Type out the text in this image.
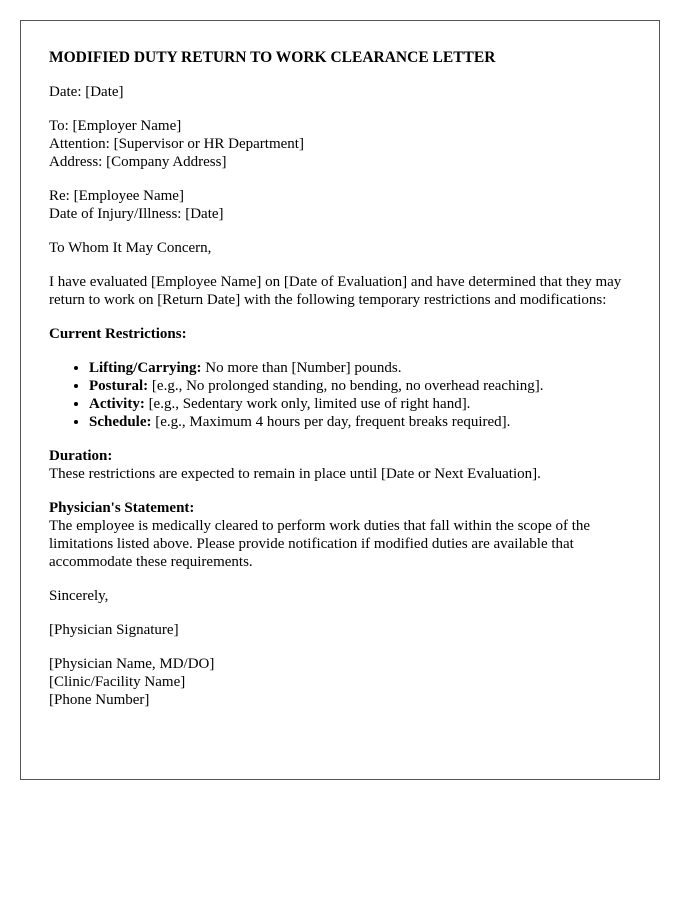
MODIFIED DUTY RETURN TO WORK CLEARANCE LETTER
Date: [Date]
To: [Employer Name]
Attention: [Supervisor or HR Department]
Address: [Company Address]
Re: [Employee Name]
Date of Injury/Illness: [Date]
To Whom It May Concern,
I have evaluated [Employee Name] on [Date of Evaluation] and have determined that they may return to work on [Return Date] with the following temporary restrictions and modifications:
Current Restrictions:
• Lifting/Carrying: No more than [Number] pounds.
• Postural: [e.g., No prolonged standing, no bending, no overhead reaching].
• Activity: [e.g., Sedentary work only, limited use of right hand].
• Schedule: [e.g., Maximum 4 hours per day, frequent breaks required].
Duration:
These restrictions are expected to remain in place until [Date or Next Evaluation].
Physician's Statement:
The employee is medically cleared to perform work duties that fall within the scope of the limitations listed above. Please provide notification if modified duties are available that accommodate these requirements.
Sincerely,
[Physician Signature]
[Physician Name, MD/DO]
[Clinic/Facility Name]
[Phone Number]
